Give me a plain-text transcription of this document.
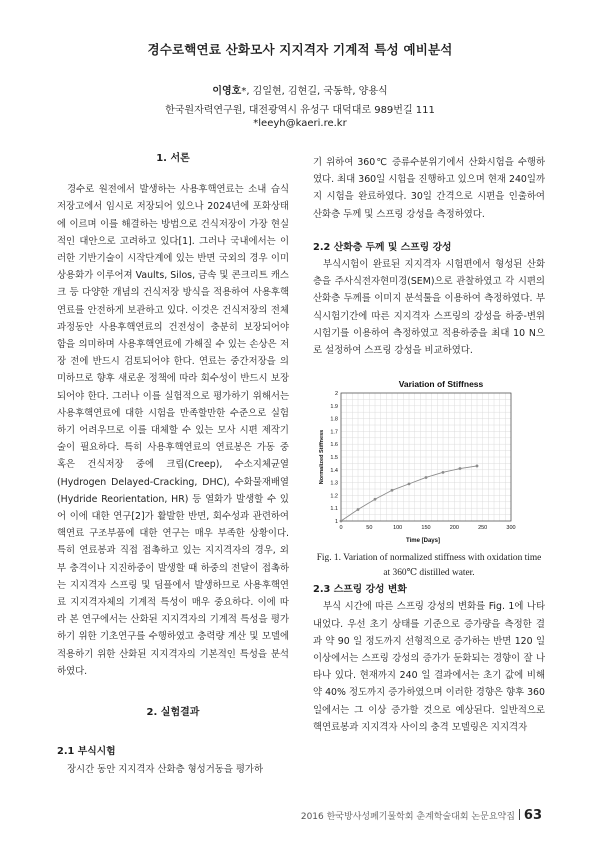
경수로핵연료 산화모사 지지격자 기계적 특성 예비분석
이영호*, 김일현, 김현길, 국동학, 양용식
한국원자력연구원, 대전광역시 유성구 대덕대로 989번길 111
*leeyh@kaeri.re.kr

1. 서론

경수로 원전에서 발생하는 사용후핵연료는 소내 습식저장고에서 임시로 저장되어 있으나 2024년에 포화상태에 이르며 이를 해결하는 방법으로 건식저장이 가장 현실적인 대안으로 고려하고 있다[1]. 그러나 국내에서는 이러한 기반기술이 시작단계에 있는 반면 국외의 경우 이미 상용화가 이루어져 Vaults, Silos, 금속 및 콘크리트 캐스크 등 다양한 개념의 건식저장 방식을 적용하여 사용후핵연료를 안전하게 보관하고 있다. 이것은 건식저장의 전체 과정동안 사용후핵연료의 건전성이 충분히 보장되어야 함을 의미하며 사용후핵연료에 가해질 수 있는 손상은 저장 전에 반드시 검토되어야 한다. 연료는 중간저장을 의미하므로 향후 새로운 정책에 따라 회수성이 반드시 보장되어야 한다. 그러나 이를 실험적으로 평가하기 위해서는 사용후핵연료에 대한 시험을 만족할만한 수준으로 실험하기 어려우므로 이를 대체할 수 있는 모사 시편 제작기술이 필요하다. 특히 사용후핵연료의 연료봉은 가동 중 혹은 건식저장 중에 크립(Creep), 수소지체균열(Hydrogen Delayed-Cracking, DHC), 수화물재배열(Hydride Reorientation, HR) 등 열화가 발생할 수 있어 이에 대한 연구[2]가 활발한 반면, 회수성과 관련하여 핵연료 구조부품에 대한 연구는 매우 부족한 상황이다. 특히 연료봉과 직접 접촉하고 있는 지지격자의 경우, 외부 충격이나 지진하중이 발생할 때 하중의 전달이 접촉하는 지지격자 스프링 및 딤플에서 발생하므로 사용후핵연료 지지격자체의 기계적 특성이 매우 중요하다. 이에 따라 본 연구에서는 산화된 지지격자의 기계적 특성을 평가하기 위한 기초연구를 수행하였고 충력량 계산 및 모델에 적용하기 위한 산화된 지지격자의 기본적인 특성을 분석하였다.

2. 실험결과

2.1 부식시험

장시간 동안 지지격자 산화층 형성거동을 평가하

기 위하여 360℃ 증류수분위기에서 산화시험을 수행하였다. 최대 360일 시험을 진행하고 있으며 현재 240일까지 시험을 완료하였다. 30일 간격으로 시편을 인출하여 산화층 두께 및 스프링 강성을 측정하였다.

2.2 산화층 두께 및 스프링 강성

부식시험이 완료된 지지격자 시험편에서 형성된 산화층을 주사식전자현미경(SEM)으로 관찰하였고 각 시편의 산화층 두께를 이미지 분석툴을 이용하여 측정하였다. 부식시험기간에 따른 지지격자 스프링의 강성을 하중-변위 시험기를 이용하여 측정하였고 적용하중을 최대 10 N으로 설정하여 스프링 강성을 비교하였다.

0	50	100	150	200	250	300
1
1.1
1.2
1.3
1.4
1.5
1.6
1.7
1.8
1.9
2
Variation of Stiffness
Normalized Stiffness
Time [Days]

Fig. 1. Variation of normalized stiffness with oxidation time at 360℃ distilled water.

2.3 스프링 강성 변화

부식 시간에 따른 스프링 강성의 변화를 Fig. 1에 나타내었다. 우선 초기 상태를 기준으로 증가량을 측정한 결과 약 90 일 정도까지 선형적으로 증가하는 반면 120 일 이상에서는 스프링 강성의 증가가 둔화되는 경향이 잘 나타나 있다. 현재까지 240 일 결과에서는 초기 값에 비해 약 40% 정도까지 증가하였으며 이러한 경향은 향후 360 일에서는 그 이상 증가할 것으로 예상된다. 일반적으로 핵연료봉과 지지격자 사이의 충격 모델링은 지지격자

2016 한국방사성폐기물학회 춘계학술대회 논문요약집 63
